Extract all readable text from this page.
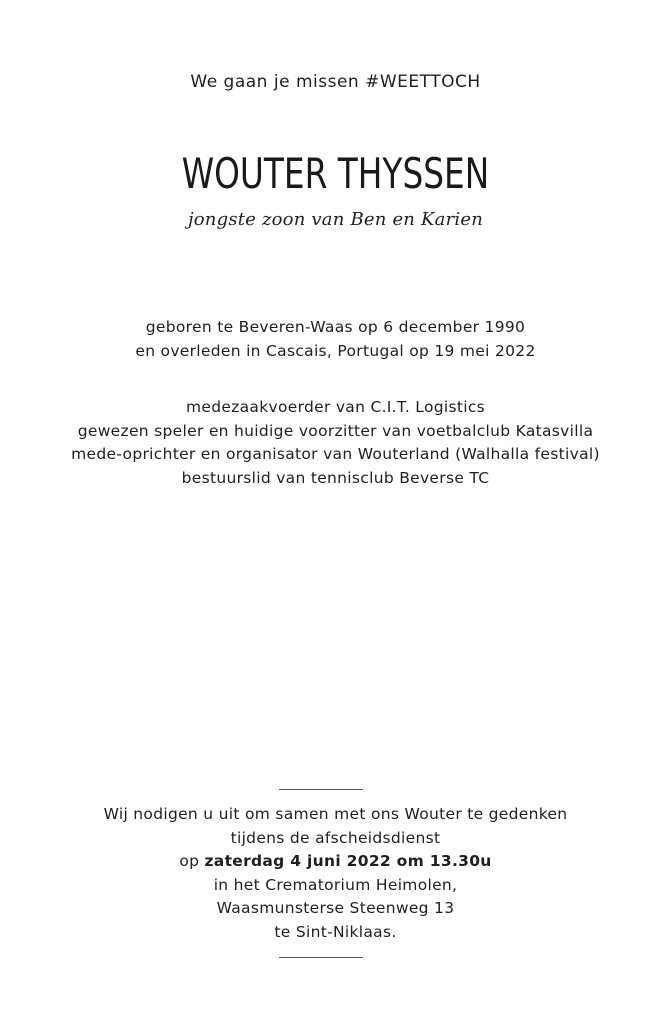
We gaan je missen #WEETTOCH
WOUTER THYSSEN
jongste zoon van Ben en Karien
geboren te Beveren-Waas op 6 december 1990
en overleden in Cascais, Portugal op 19 mei 2022
medezaakvoerder van C.I.T. Logistics
gewezen speler en huidige voorzitter van voetbalclub Katasvilla
mede-oprichter en organisator van Wouterland (Walhalla festival)
bestuurslid van tennisclub Beverse TC
Wij nodigen u uit om samen met ons Wouter te gedenken
tijdens de afscheidsdienst
op zaterdag 4 juni 2022 om 13.30u
in het Crematorium Heimolen,
Waasmunsterse Steenweg 13
te Sint-Niklaas.
